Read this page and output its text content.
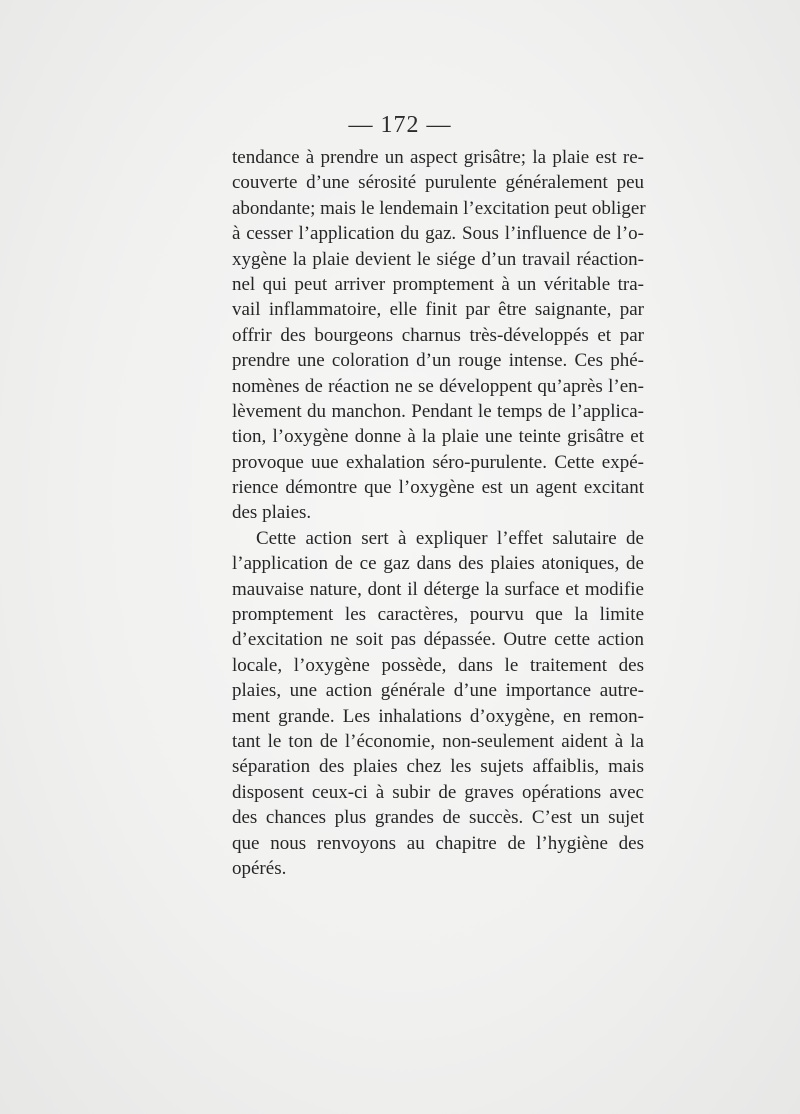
— 172 —
tendance à prendre un aspect grisâtre; la plaie est re-
couverte d’une sérosité purulente généralement peu
abondante; mais le lendemain l’excitation peut obliger
à cesser l’application du gaz. Sous l’influence de l’o-
xygène la plaie devient le siége d’un travail réaction-
nel qui peut arriver promptement à un véritable tra-
vail inflammatoire, elle finit par être saignante, par
offrir des bourgeons charnus très-développés et par
prendre une coloration d’un rouge intense. Ces phé-
nomènes de réaction ne se développent qu’après l’en-
lèvement du manchon. Pendant le temps de l’applica-
tion, l’oxygène donne à la plaie une teinte grisâtre et
provoque uue exhalation séro-purulente. Cette expé-
rience démontre que l’oxygène est un agent excitant
des plaies.
Cette action sert à expliquer l’effet salutaire de
l’application de ce gaz dans des plaies atoniques, de
mauvaise nature, dont il déterge la surface et modifie
promptement les caractères, pourvu que la limite
d’excitation ne soit pas dépassée. Outre cette action
locale, l’oxygène possède, dans le traitement des
plaies, une action générale d’une importance autre-
ment grande. Les inhalations d’oxygène, en remon-
tant le ton de l’économie, non-seulement aident à la
séparation des plaies chez les sujets affaiblis, mais
disposent ceux-ci à subir de graves opérations avec
des chances plus grandes de succès. C’est un sujet
que nous renvoyons au chapitre de l’hygiène des
opérés.
